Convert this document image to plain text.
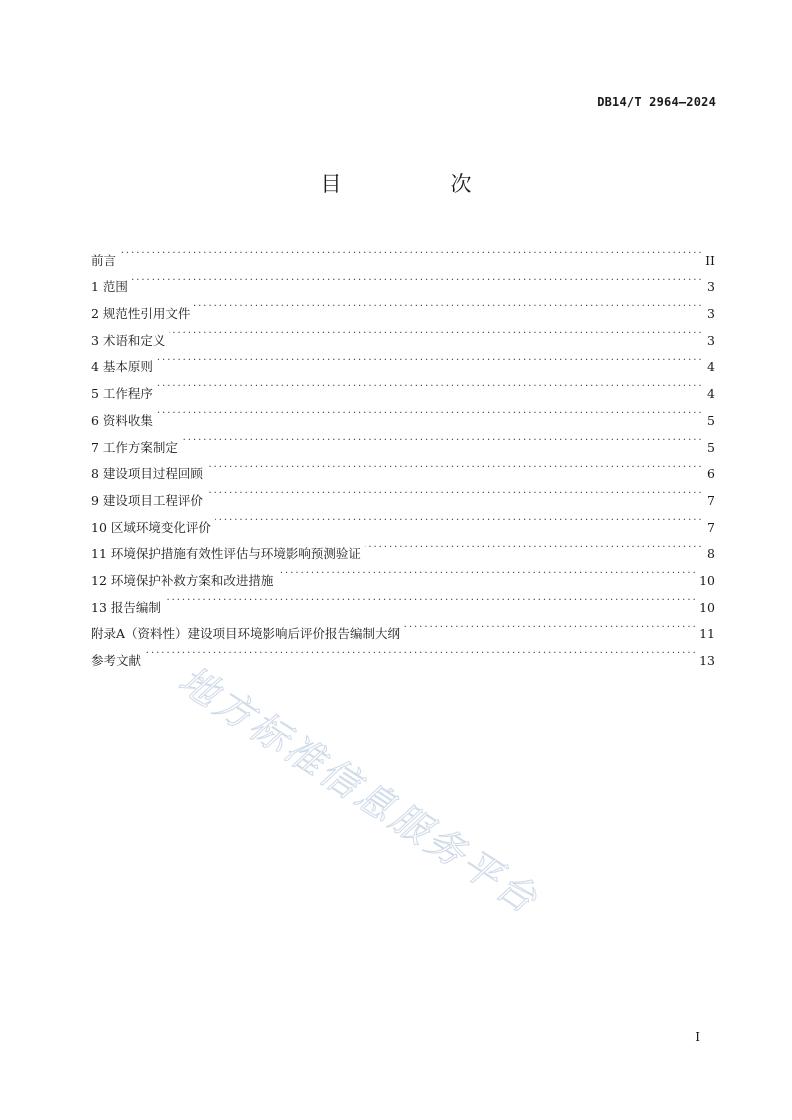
DB14/T 2964—2024
目　次
前言 . . .	II
1 范围 . . .	3
2 规范性引用文件 . . .	3
3 术语和定义 . . .	3
4 基本原则 . . .	4
5 工作程序 . . .	4
6 资料收集 . . .	5
7 工作方案制定 . . .	5
8 建设项目过程回顾 . . .	6
9 建设项目工程评价 . . .	7
10 区域环境变化评价 . . .	7
11 环境保护措施有效性评估与环境影响预测验证 . . .	8
12 环境保护补救方案和改进措施 . . .	10
13 报告编制 . . .	10
附录A（资料性）建设项目环境影响后评价报告编制大纲 . . .	11
参考文献 . . .	13
地方标准信息服务平台
I
